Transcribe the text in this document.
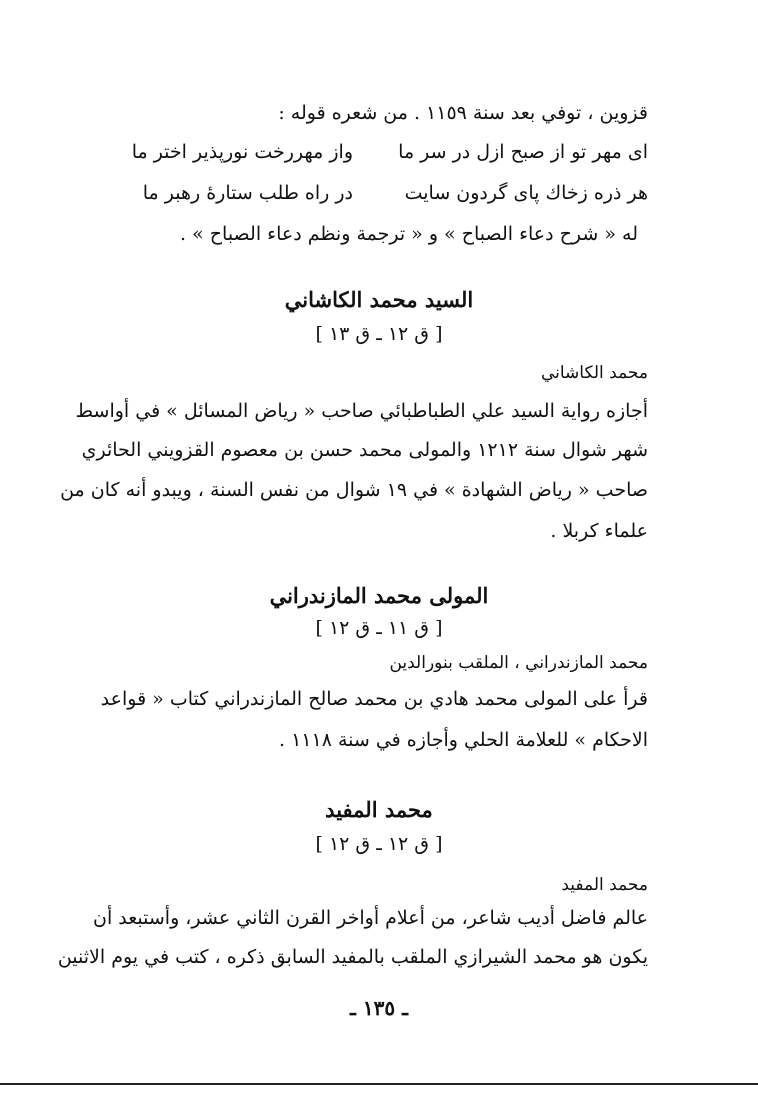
قزوين ، توفي بعد سنة ١١٥٩ . من شعره قوله :
اى مهر تو از صبح ازل در سر ما
واز مهررخت نورپذير اختر ما
هر ذره زخاك پاى گردون سايت
در راه طلب ستارهٔ رهبر ما
له « شرح دعاء الصباح » و « ترجمة ونظم دعاء الصباح » .
السيد محمد الكاشاني
[ ق ١٢ ـ ق ١٣ ]
محمد الكاشاني
أجازه رواية السيد علي الطباطبائي صاحب « رياض المسائل » في أواسط
شهر شوال سنة ١٢١٢ والمولى محمد حسن بن معصوم القزويني الحائري
صاحب « رياض الشهادة » في ١٩ شوال من نفس السنة ، ويبدو أنه كان من
علماء كربلا .
المولى محمد المازندراني
[ ق ١١ ـ ق ١٢ ]
محمد المازندراني ، الملقب بنورالدين
قرأ على المولى محمد هادي بن محمد صالح المازندراني كتاب « قواعد
الاحكام » للعلامة الحلي وأجازه في سنة ١١١٨ .
محمد المفيد
[ ق ١٢ ـ ق ١٢ ]
محمد المفيد
عالم فاضل أديب شاعر، من أعلام أواخر القرن الثاني عشر، وأستبعد أن
يكون هو محمد الشيرازي الملقب بالمفيد السابق ذكره ، كتب في يوم الاثنين
ـ ١٣٥ ـ
